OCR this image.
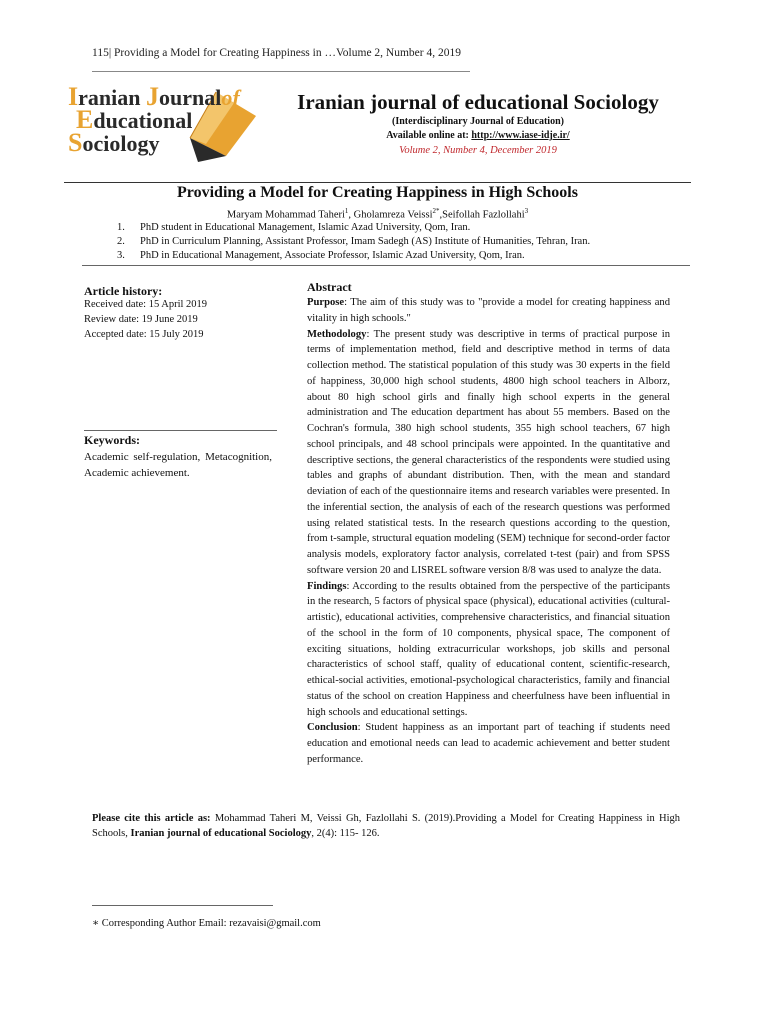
115| Providing a Model for Creating Happiness in …Volume 2, Number 4, 2019
Iranian Journalof
Educational
Sociology
Iranian journal of educational Sociology
(Interdisciplinary Journal of Education)
Available online at: http://www.iase-idje.ir/
Volume 2, Number 4, December 2019
Providing a Model for Creating Happiness in High Schools
Maryam Mohammad Taheri$^1$, Gholamreza Veissi$^{2*}$,Seifollah Fazlollahi$^3$
1. PhD student in Educational Management, Islamic Azad University, Qom, Iran.
2. PhD in Curriculum Planning, Assistant Professor, Imam Sadegh (AS) Institute of Humanities, Tehran, Iran.
3. PhD in Educational Management, Associate Professor, Islamic Azad University, Qom, Iran.
Article history:
Received date: 15 April 2019
Review date: 19 June 2019
Accepted date: 15 July 2019
Keywords:
Academic self-regulation, Metacognition, Academic achievement.
Abstract
Purpose: The aim of this study was to "provide a model for creating happiness and vitality in high schools."
Methodology: The present study was descriptive in terms of practical purpose in terms of implementation method, field and descriptive method in terms of data collection method. The statistical population of this study was 30 experts in the field of happiness, 30,000 high school students, 4800 high school teachers in Alborz, about 80 high school girls and finally high school experts in the general administration and The education department has about 55 members. Based on the Cochran's formula, 380 high school students, 355 high school teachers, 67 high school principals, and 48 school principals were appointed. In the quantitative and descriptive sections, the general characteristics of the respondents were studied using tables and graphs of abundant distribution. Then, with the mean and standard deviation of each of the questionnaire items and research variables were presented. In the inferential section, the analysis of each of the research questions was performed using related statistical tests. In the research questions according to the question, from t-sample, structural equation modeling (SEM) technique for second-order factor analysis models, exploratory factor analysis, correlated t-test (pair) and from SPSS software version 20 and LISREL software version 8/8 was used to analyze the data.
Findings: According to the results obtained from the perspective of the participants in the research, 5 factors of physical space (physical), educational activities (cultural-artistic), educational activities, comprehensive characteristics, and financial situation of the school in the form of 10 components, physical space, The component of exciting situations, holding extracurricular workshops, job skills and personal characteristics of school staff, quality of educational content, scientific-research, ethical-social activities, emotional-psychological characteristics, family and financial status of the school on creation Happiness and cheerfulness have been influential in high schools and educational settings.
Conclusion: Student happiness as an important part of teaching if students need education and emotional needs can lead to academic achievement and better student performance.
Please cite this article as: Mohammad Taheri M, Veissi Gh, Fazlollahi S. (2019).Providing a Model for Creating Happiness in High Schools, Iranian journal of educational Sociology, 2(4): 115- 126.
∗ Corresponding Author Email: rezavaisi@gmail.com
